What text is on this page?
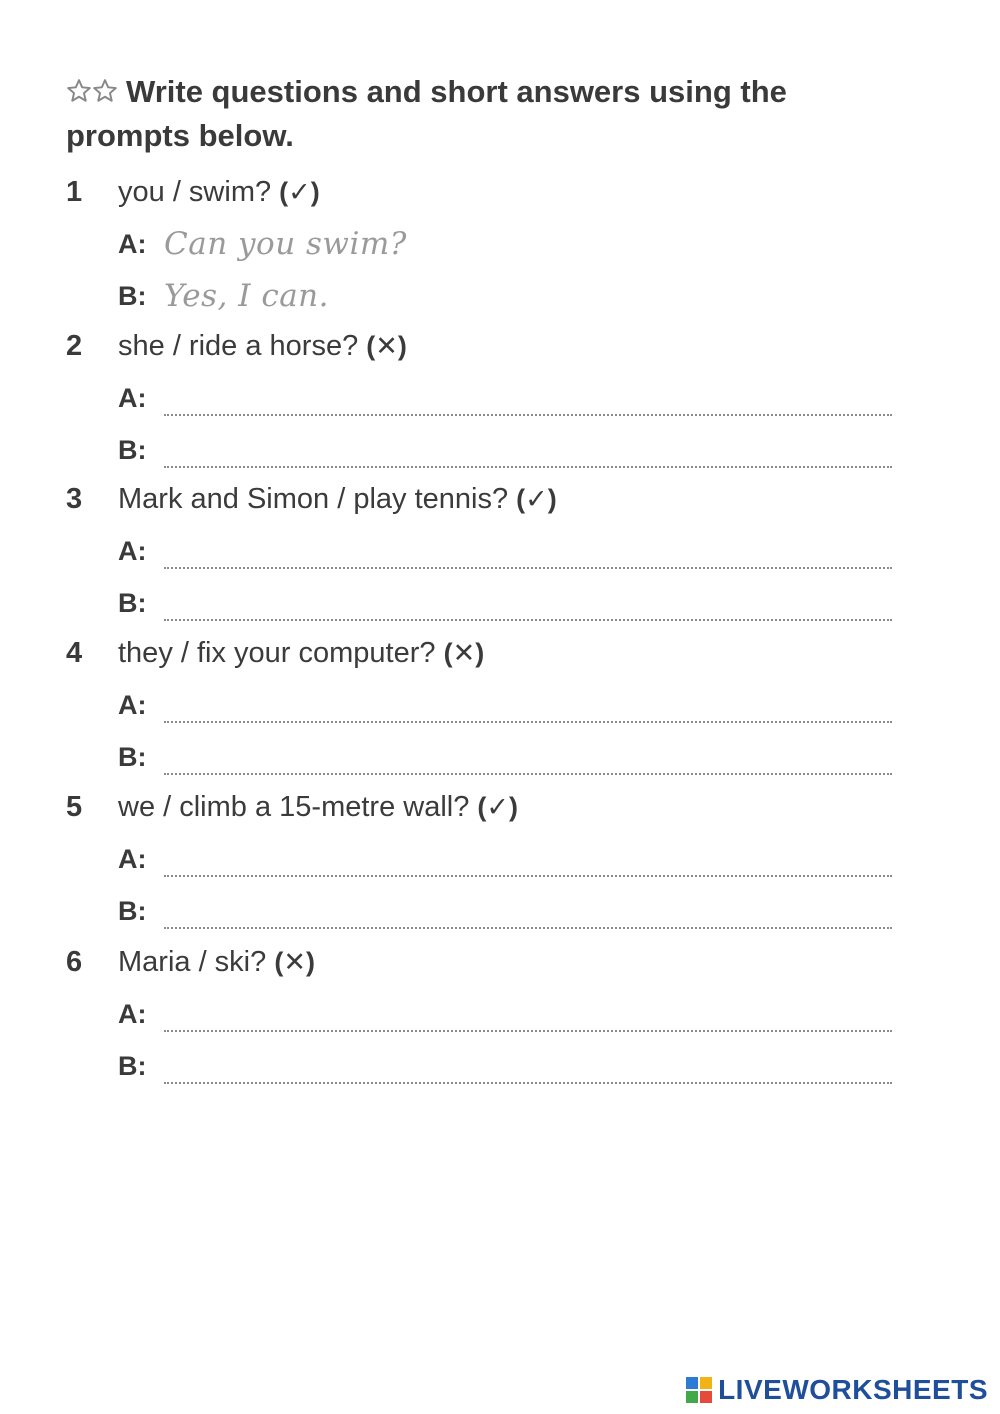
Write questions and short answers using the prompts below.
1	you / swim?
(✓)
A: Can you swim?
B: Yes, I can.
2	she / ride a horse?
(✕)
A:
B:
3	Mark and Simon / play tennis?
(✓)
A:
B:
4	they / fix your computer?
(✕)
A:
B:
5	we / climb a 15-metre wall?
(✓)
A:
B:
6	Maria / ski?
(✕)
A:
B:
LIVEWORKSHEETS
